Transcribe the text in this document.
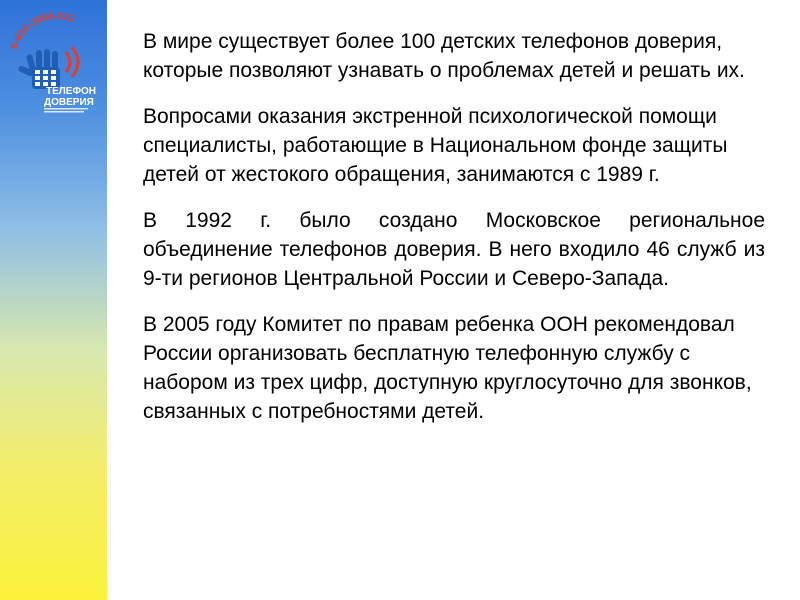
8-800-2000-122
ТЕЛЕФОН
ДОВЕРИЯ

В мире существует более 100 детских телефонов доверия, которые позволяют узнавать о проблемах детей и решать их.

Вопросами оказания экстренной психологической помощи специалисты, работающие в Национальном фонде защиты детей от жестокого обращения, занимаются с 1989 г.

В 1992 г. было создано Московское региональное объединение телефонов доверия. В него входило 46 служб из 9-ти регионов Центральной России и Северо-Запада.

В 2005 году Комитет по правам ребенка ООН рекомендовал России организовать бесплатную телефонную службу с набором из трех цифр, доступную круглосуточно для звонков, связанных с потребностями детей.
